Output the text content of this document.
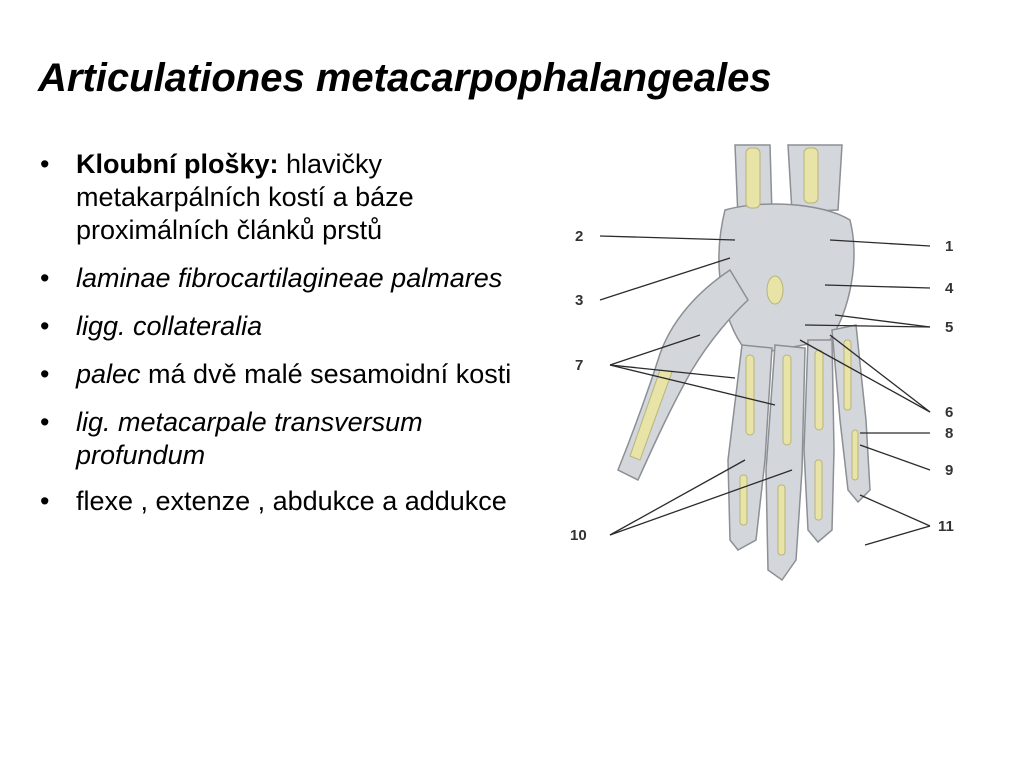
Articulationes metacarpophalangeales
• Kloubní plošky: hlavičky metakarpálních kostí a báze proximálních článků prstů
• laminae fibrocartilagineae palmares
• ligg. collateralia
• palec má dvě malé sesamoidní kosti
• lig. metacarpale transversum profundum
• flexe , extenze , abdukce a addukce
1
2
3
4
5
6
7
8
9
10
11
